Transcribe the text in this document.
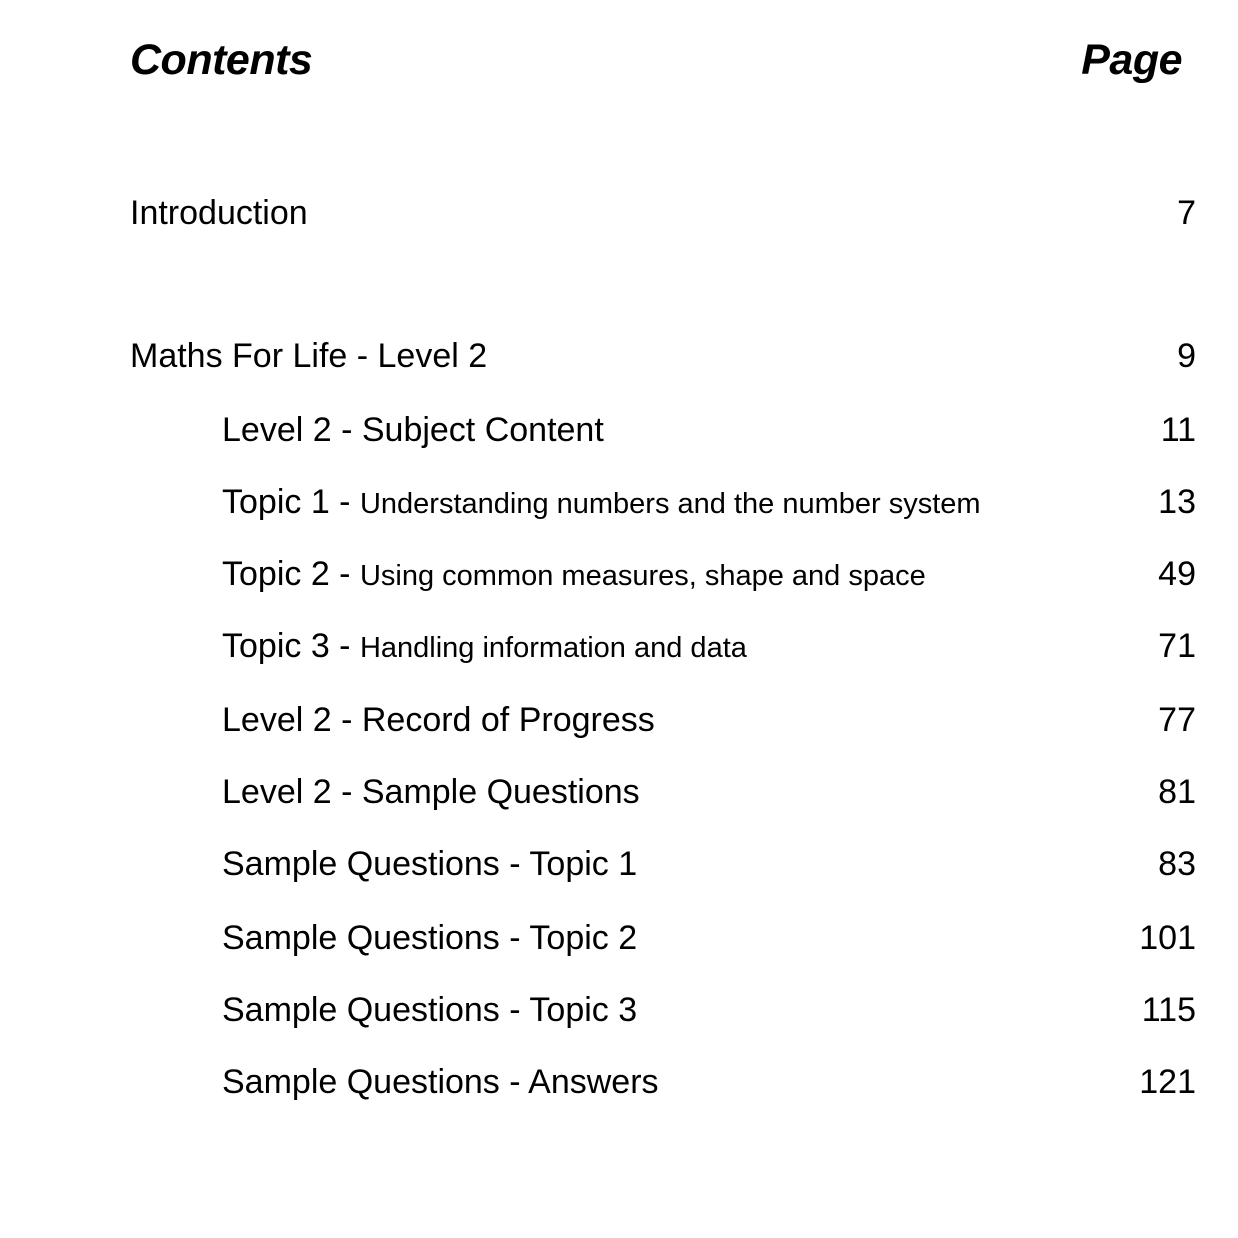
Contents	Page
Introduction	7
Maths For Life - Level 2	9
Level 2 - Subject Content	11
Topic 1 - Understanding numbers and the number system	13
Topic 2 - Using common measures, shape and space	49
Topic 3 - Handling information and data	71
Level 2 - Record of Progress	77
Level 2 - Sample Questions	81
Sample Questions - Topic 1	83
Sample Questions - Topic 2	101
Sample Questions - Topic 3	115
Sample Questions - Answers	121
